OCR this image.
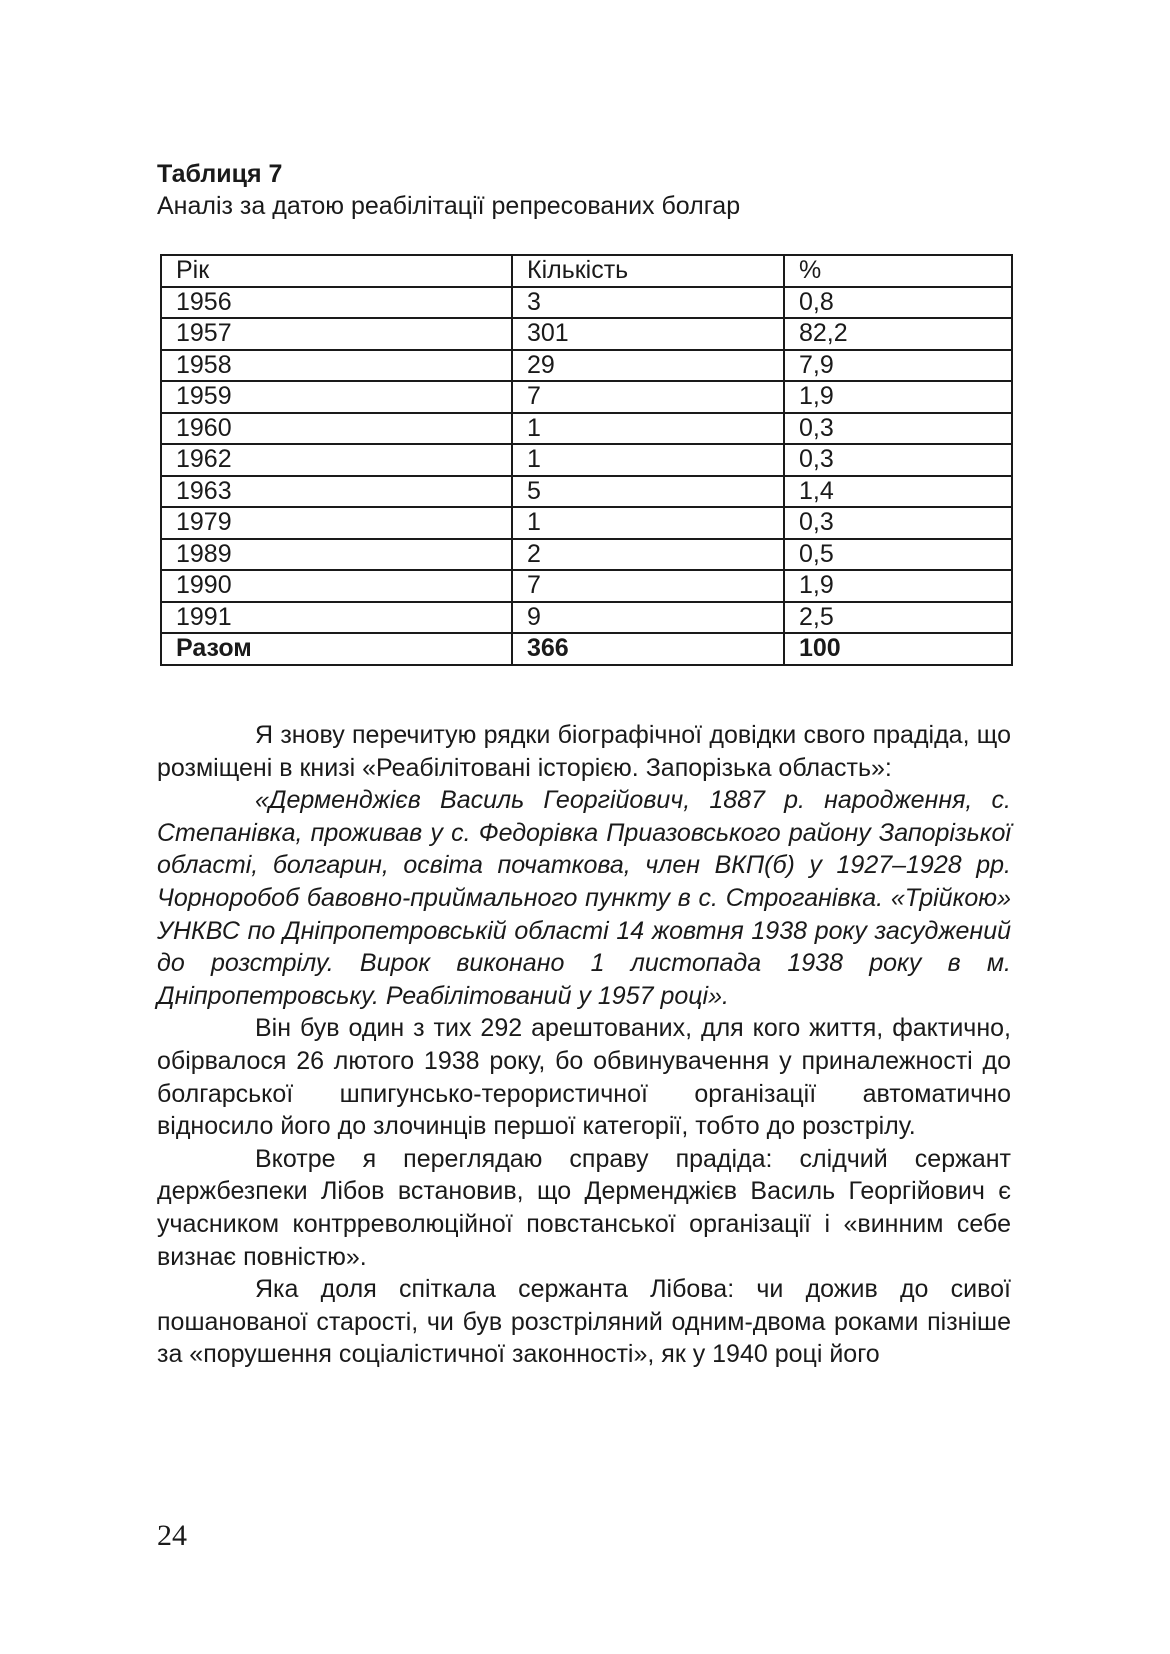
Таблиця 7
Аналіз за датою реабілітації репресованих болгар
Рік	Кількість	%
1956	3	0,8
1957	301	82,2
1958	29	7,9
1959	7	1,9
1960	1	0,3
1962	1	0,3
1963	5	1,4
1979	1	0,3
1989	2	0,5
1990	7	1,9
1991	9	2,5
Разом	366	100

Я знову перечитую рядки біографічної довідки свого прадіда, що розміщені в книзі «Реабілітовані історією. Запорізька область»:

«Дерменджієв Василь Георгійович, 1887 р. народження, с. Степанівка, проживав у с. Федорівка Приазовського району Запорізької області, болгарин, освіта початкова, член ВКП(б) у 1927–1928 рр. Чорноробоб бавовно-приймального пункту в с. Строганівка. «Трійкою» УНКВС по Дніпропетровській області 14 жовтня 1938 року засуджений до розстрілу. Вирок виконано 1 листопада 1938 року в м. Дніпропетровську. Реабілітований у 1957 році».

Він був один з тих 292 арештованих, для кого життя, фактично, обірвалося 26 лютого 1938 року, бо обвинувачення у приналежності до болгарської шпигунсько-терористичної організації автоматично відносило його до злочинців першої категорії, тобто до розстрілу.

Вкотре я переглядаю справу прадіда: слідчий сержант держбезпеки Лібов встановив, що Дерменджієв Василь Георгійович є учасником контрреволюційної повстанської організації і «винним себе визнає повністю».

Яка доля спіткала сержанта Лібова: чи дожив до сивої пошанованої старості, чи був розстріляний одним-двома роками пізніше за «порушення соціалістичної законності», як у 1940 році його

24
